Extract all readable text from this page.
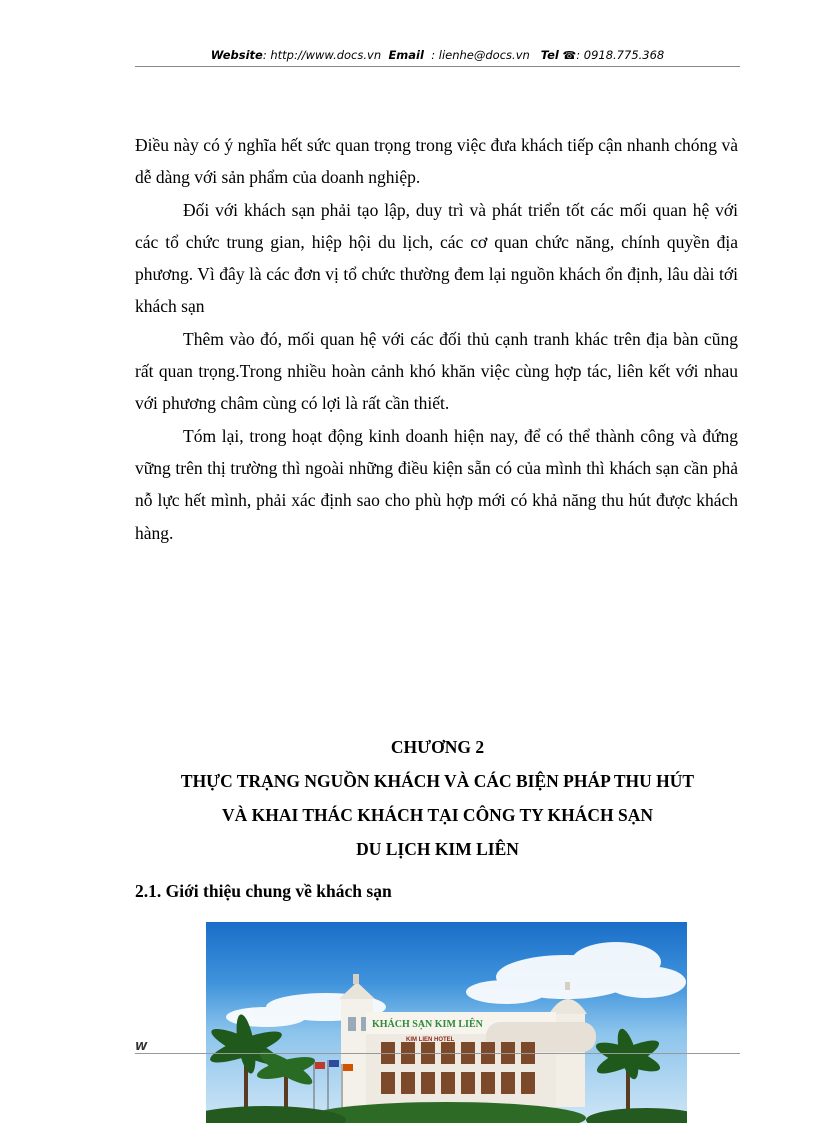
Website: http://www.docs.vn Email : lienhe@docs.vn Tel ☎: 0918.775.368

Điều này có ý nghĩa hết sức quan trọng trong việc đưa khách tiếp cận nhanh chóng và dễ dàng với sản phẩm của doanh nghiệp.

Đối với khách sạn phải tạo lập, duy trì và phát triển tốt các mối quan hệ với các tổ chức trung gian, hiệp hội du lịch, các cơ quan chức năng, chính quyền địa phương. Vì đây là các đơn vị tổ chức thường đem lại nguồn khách ổn định, lâu dài tới khách sạn

Thêm vào đó, mối quan hệ với các đối thủ cạnh tranh khác trên địa bàn cũng rất quan trọng.Trong nhiều hoàn cảnh khó khăn việc cùng hợp tác, liên kết với nhau với phương châm cùng có lợi là rất cần thiết.

Tóm lại, trong hoạt động kinh doanh hiện nay, để có thể thành công và đứng vững trên thị trường thì ngoài những điều kiện sẵn có của mình thì khách sạn cần phả nỗ lực hết mình, phải xác định sao cho phù hợp mới có khả năng thu hút được khách hàng.

CHƯƠNG 2
THỰC TRẠNG NGUỒN KHÁCH VÀ CÁC BIỆN PHÁP THU HÚT
VÀ KHAI THÁC KHÁCH TẠI CÔNG TY KHÁCH SẠN
DU LỊCH KIM LIÊN
2.1. Giới thiệu chung về khách sạn
KHÁCH SẠN KIM LIÊN
KIM LIEN HOTEL
W
